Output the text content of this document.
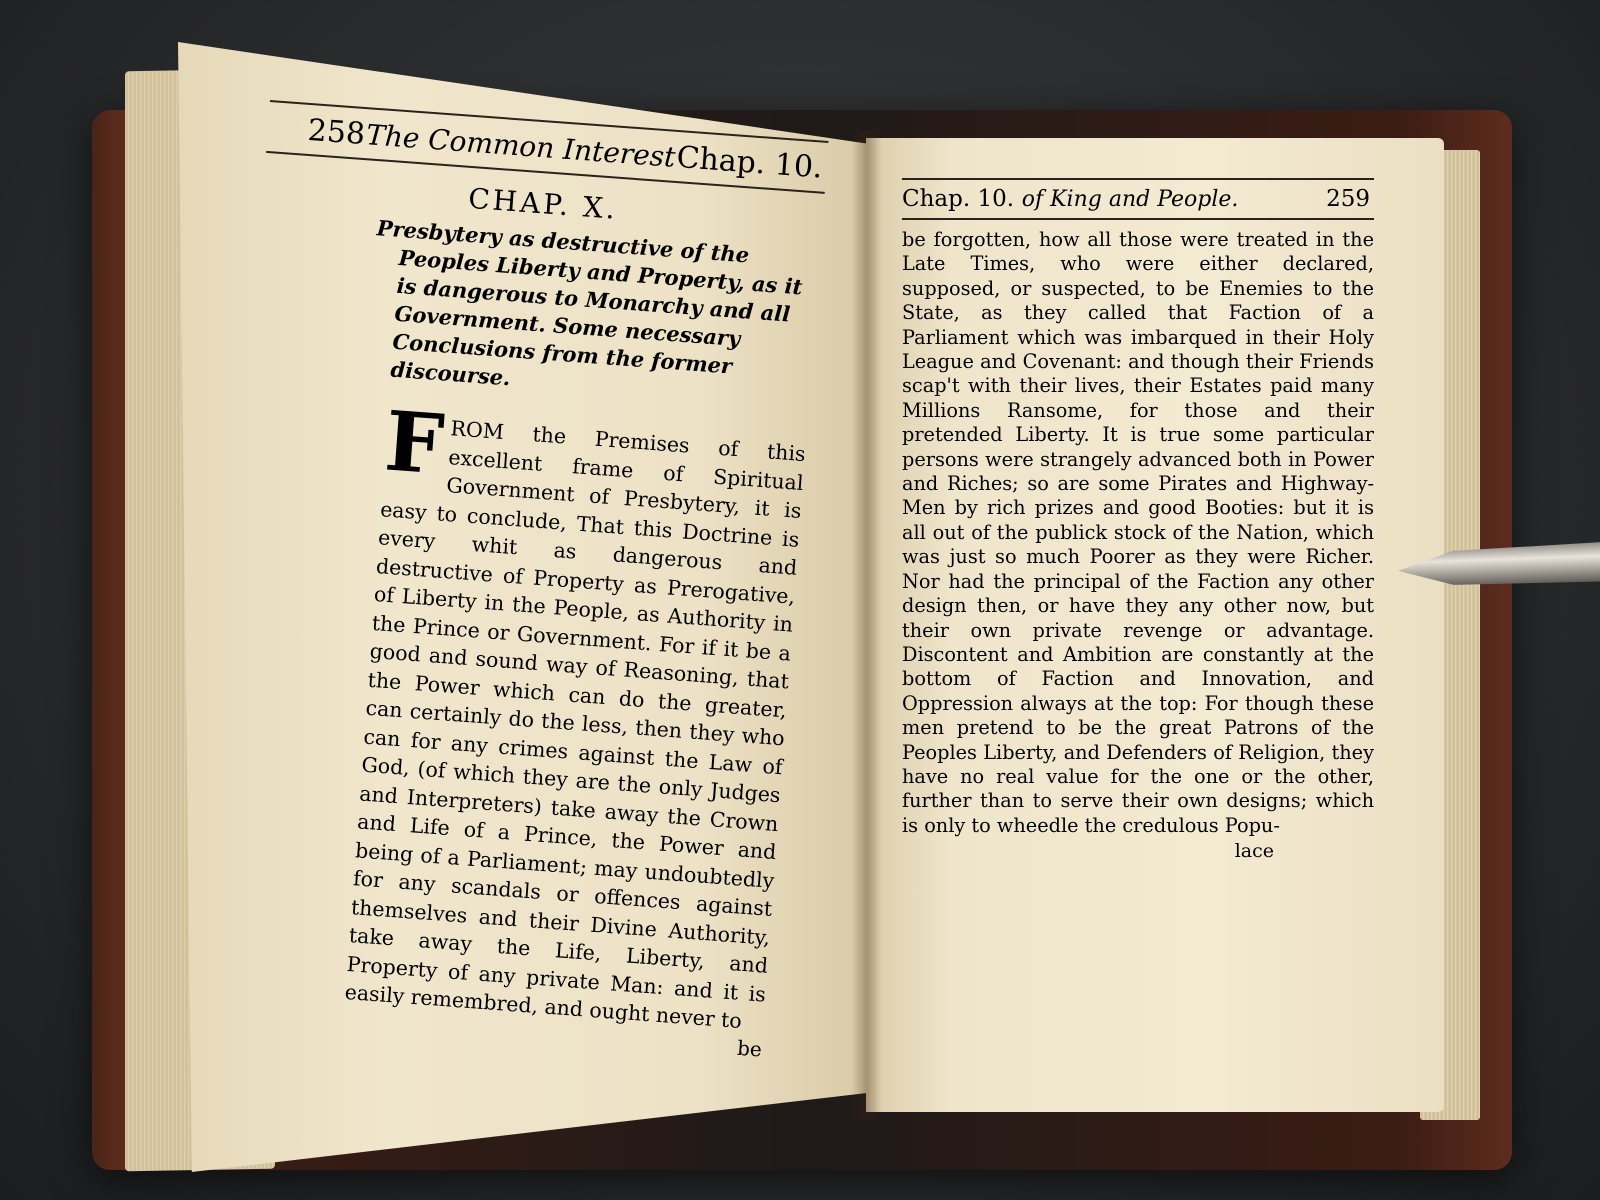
258
The Common Interest
Chap. 10.
CHAP. X.
Presbytery as destructive of the Peoples Liberty and Property, as it is dangerous to Monarchy and all Government. Some necessary Conclusions from the former discourse.
F ROM the Premises of this excellent frame of Spiritual Government of Presbytery, it is easy to conclude, That this Doctrine is every whit as dangerous and destructive of Property as Prerogative, of Liberty in the People, as Authority in the Prince or Government. For if it be a good and sound way of Reasoning, that the Power which can do the greater, can certainly do the less, then they who can for any crimes against the Law of God, (of which they are the only Judges and Interpreters) take away the Crown and Life of a Prince, the Power and being of a Parliament; may undoubtedly for any scandals or offences against themselves and their Divine Authority, take away the Life, Liberty, and Property of any private Man: and it is easily remembred, and ought never to
be
Chap. 10. of King and People.	259
be forgotten, how all those were treated in the Late Times, who were either declared, supposed, or suspected, to be Enemies to the State, as they called that Faction of a Parliament which was imbarqued in their Holy League and Covenant: and though their Friends scap't with their lives, their Estates paid many Millions Ransome, for those and their pretended Liberty. It is true some particular persons were strangely advanced both in Power and Riches; so are some Pirates and Highway-Men by rich prizes and good Booties: but it is all out of the publick stock of the Nation, which was just so much Poorer as they were Richer. Nor had the principal of the Faction any other design then, or have they any other now, but their own private revenge or advantage. Discontent and Ambition are constantly at the bottom of Faction and Innovation, and Oppression always at the top: For though these men pretend to be the great Patrons of the Peoples Liberty, and Defenders of Religion, they have no real value for the one or the other, further than to serve their own designs; which is only to wheedle the credulous Popu-
lace
